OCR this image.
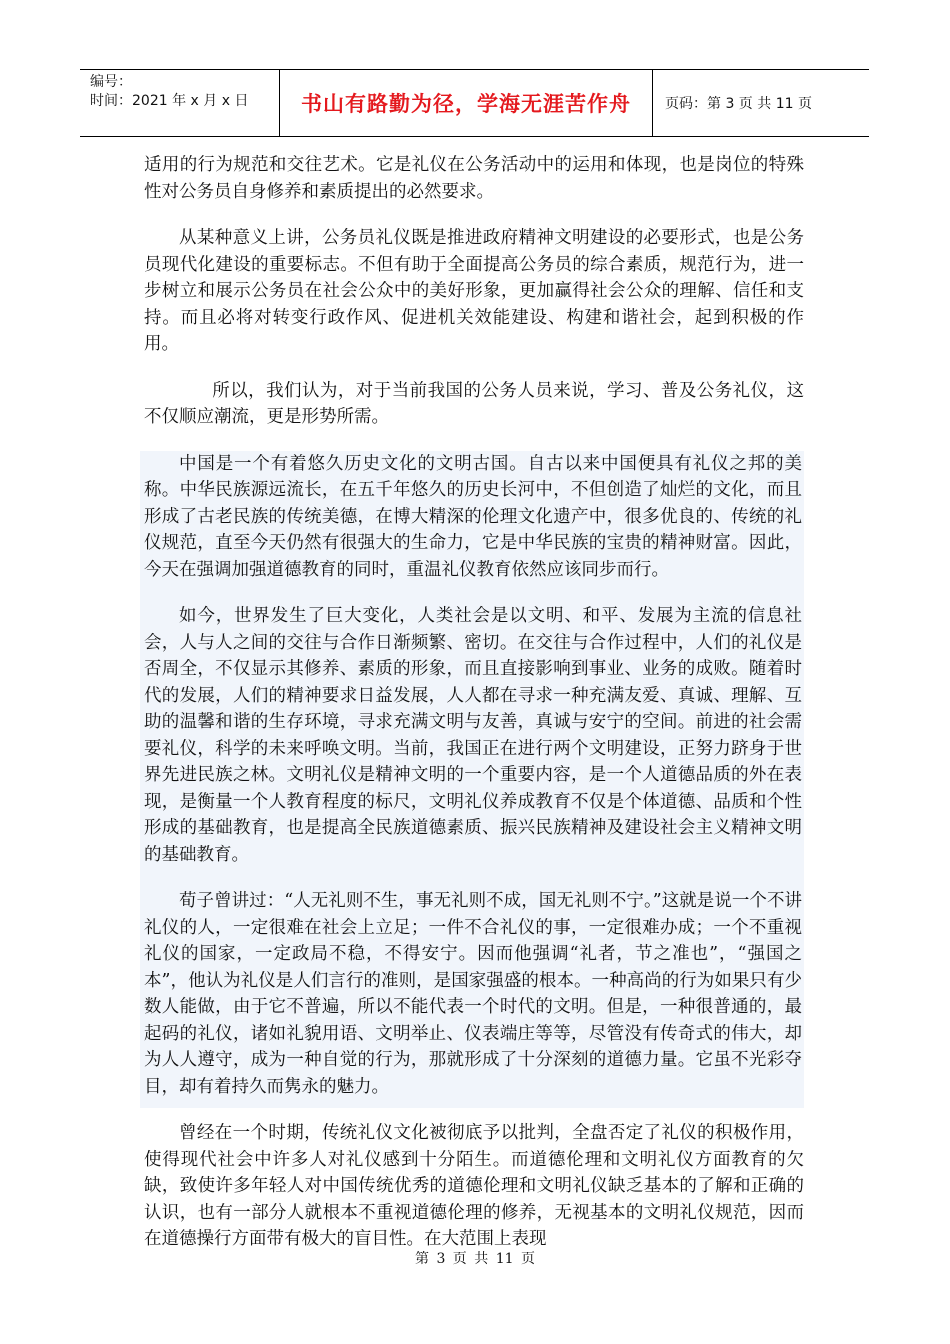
编号：
时间：2021 年 x 月 x 日	书山有路勤为径，学海无涯苦作舟	页码：第 3 页 共 11 页

适用的行为规范和交往艺术。它是礼仪在公务活动中的运用和体现，也是岗位的特殊性对公务员自身修养和素质提出的必然要求。

从某种意义上讲，公务员礼仪既是推进政府精神文明建设的必要形式，也是公务员现代化建设的重要标志。不但有助于全面提高公务员的综合素质，规范行为，进一步树立和展示公务员在社会公众中的美好形象，更加赢得社会公众的理解、信任和支持。而且必将对转变行政作风、促进机关效能建设、构建和谐社会，起到积极的作用。

所以，我们认为，对于当前我国的公务人员来说，学习、普及公务礼仪，这不仅顺应潮流，更是形势所需。

中国是一个有着悠久历史文化的文明古国。自古以来中国便具有礼仪之邦的美称。中华民族源远流长，在五千年悠久的历史长河中，不但创造了灿烂的文化，而且形成了古老民族的传统美德，在博大精深的伦理文化遗产中，很多优良的、传统的礼仪规范，直至今天仍然有很强大的生命力，它是中华民族的宝贵的精神财富。因此，今天在强调加强道德教育的同时，重温礼仪教育依然应该同步而行。

如今，世界发生了巨大变化，人类社会是以文明、和平、发展为主流的信息社会，人与人之间的交往与合作日渐频繁、密切。在交往与合作过程中，人们的礼仪是否周全，不仅显示其修养、素质的形象，而且直接影响到事业、业务的成败。随着时代的发展，人们的精神要求日益发展，人人都在寻求一种充满友爱、真诚、理解、互助的温馨和谐的生存环境，寻求充满文明与友善，真诚与安宁的空间。前进的社会需要礼仪，科学的未来呼唤文明。当前，我国正在进行两个文明建设，正努力跻身于世界先进民族之林。文明礼仪是精神文明的一个重要内容，是一个人道德品质的外在表现，是衡量一个人教育程度的标尺，文明礼仪养成教育不仅是个体道德、品质和个性形成的基础教育，也是提高全民族道德素质、振兴民族精神及建设社会主义精神文明的基础教育。

荀子曾讲过：“人无礼则不生，事无礼则不成，国无礼则不宁。”这就是说一个不讲礼仪的人，一定很难在社会上立足；一件不合礼仪的事，一定很难办成；一个不重视礼仪的国家，一定政局不稳，不得安宁。因而他强调“礼者，节之准也”，“强国之本”，他认为礼仪是人们言行的准则，是国家强盛的根本。一种高尚的行为如果只有少数人能做，由于它不普遍，所以不能代表一个时代的文明。但是，一种很普通的，最起码的礼仪，诸如礼貌用语、文明举止、仪表端庄等等，尽管没有传奇式的伟大，却为人人遵守，成为一种自觉的行为，那就形成了十分深刻的道德力量。它虽不光彩夺目，却有着持久而隽永的魅力。

曾经在一个时期，传统礼仪文化被彻底予以批判，全盘否定了礼仪的积极作用，使得现代社会中许多人对礼仪感到十分陌生。而道德伦理和文明礼仪方面教育的欠缺，致使许多年轻人对中国传统优秀的道德伦理和文明礼仪缺乏基本的了解和正确的认识，也有一部分人就根本不重视道德伦理的修养，无视基本的文明礼仪规范，因而在道德操行方面带有极大的盲目性。在大范围上表现

第 3 页 共 11 页
